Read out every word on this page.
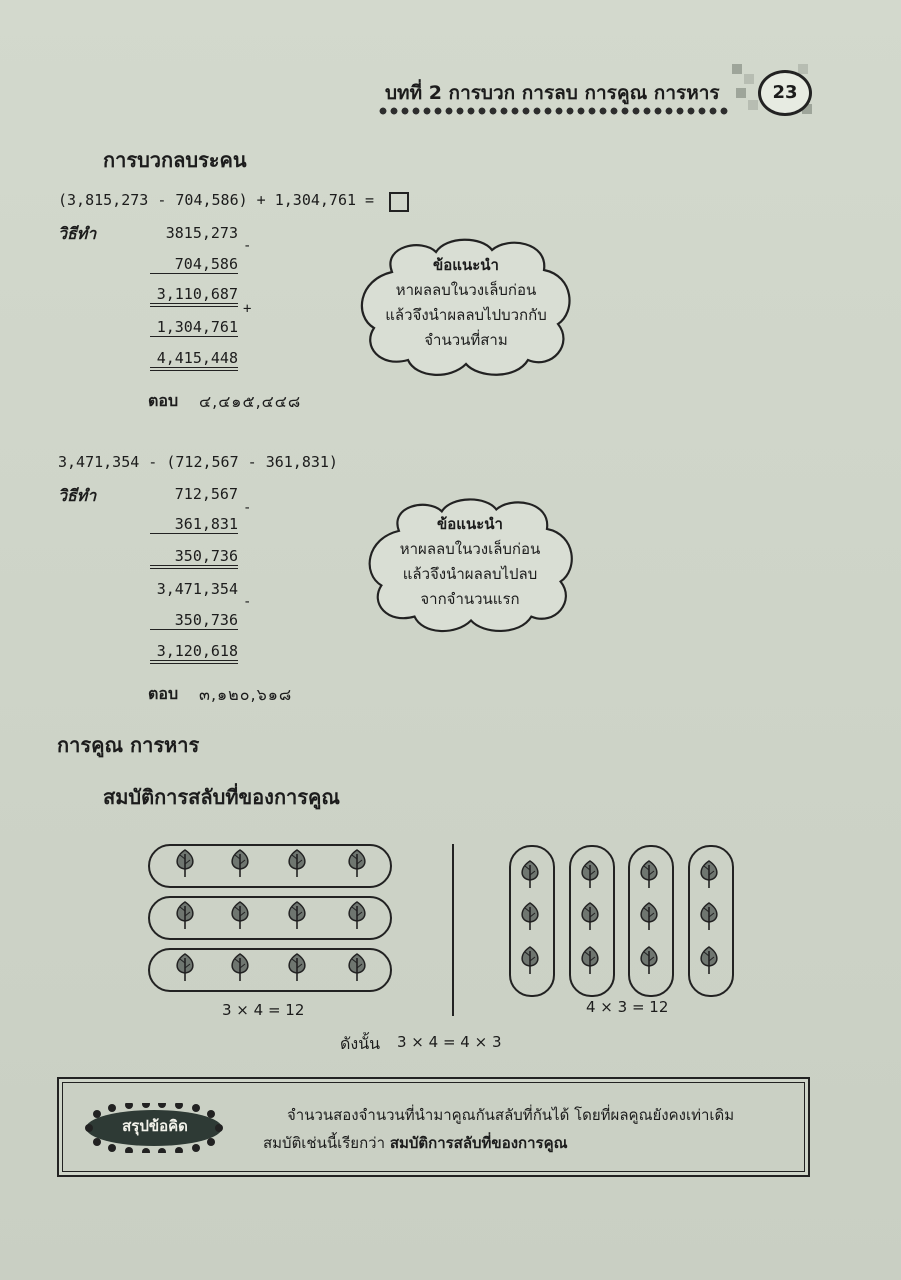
บทที่ 2 การบวก การลบ การคูณ การหาร	23
การบวกลบระคน
(3,815,273 - 704,586) + 1,304,761 =
วิธีทำ	3815,273
-
704,586
3,110,687
+
1,304,761
4,415,448
ตอบ ๔,๔๑๕,๔๔๘
ข้อแนะนำ
หาผลลบในวงเล็บก่อน
แล้วจึงนำผลลบไปบวกกับ
จำนวนที่สาม
3,471,354 - (712,567 - 361,831)
วิธีทำ	712,567
-
361,831
350,736
3,471,354
-
350,736
3,120,618
ตอบ ๓,๑๒๐,๖๑๘
ข้อแนะนำ
หาผลลบในวงเล็บก่อน
แล้วจึงนำผลลบไปลบ
จากจำนวนแรก
การคูณ การหาร
สมบัติการสลับที่ของการคูณ
3 × 4 = 12	4 × 3 = 12
ดังนั้น 3 × 4 = 4 × 3
สรุปข้อคิด
จำนวนสองจำนวนที่นำมาคูณกันสลับที่กันได้ โดยที่ผลคูณยังคงเท่าเดิม
สมบัติเช่นนี้เรียกว่า สมบัติการสลับที่ของการคูณ
